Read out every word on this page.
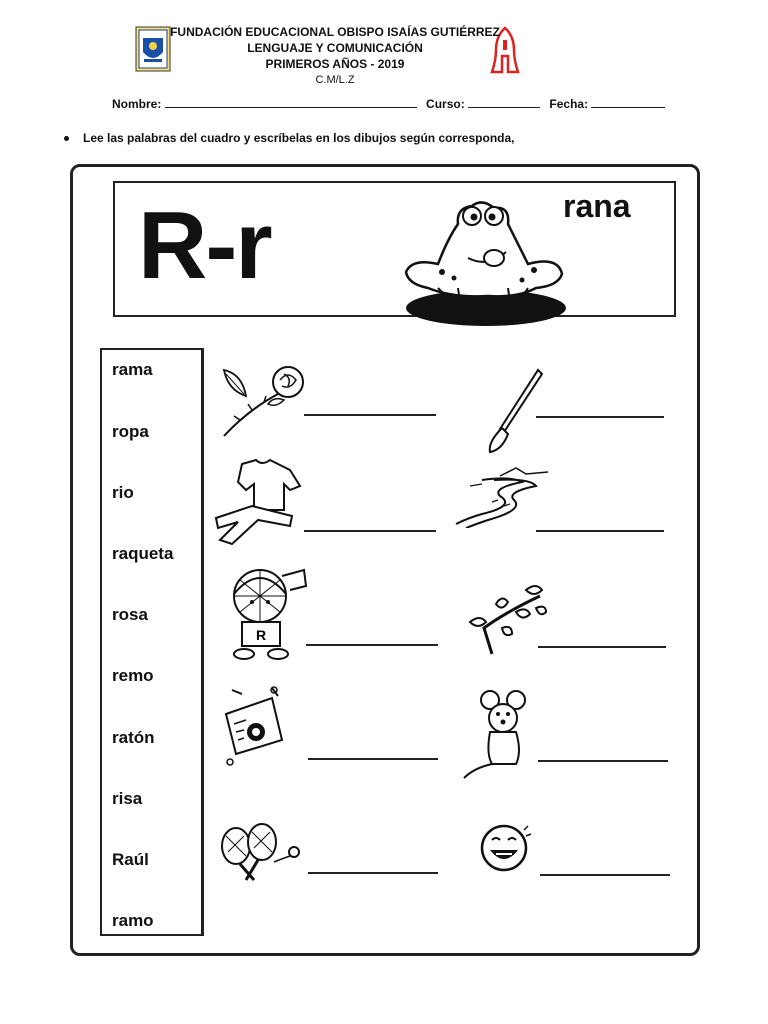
FUNDACIÓN EDUCACIONAL OBISPO ISAÍAS GUTIÉRREZ
LENGUAJE Y COMUNICACIÓN
PRIMEROS AÑOS - 2019
C.M/L.Z
Nombre:	Curso:	Fecha:
Lee las palabras del cuadro y escríbelas en los dibujos según corresponda,
R-r	rana
rama
ropa
rio
raqueta
rosa
remo
ratón
risa
Raúl
ramo
R
